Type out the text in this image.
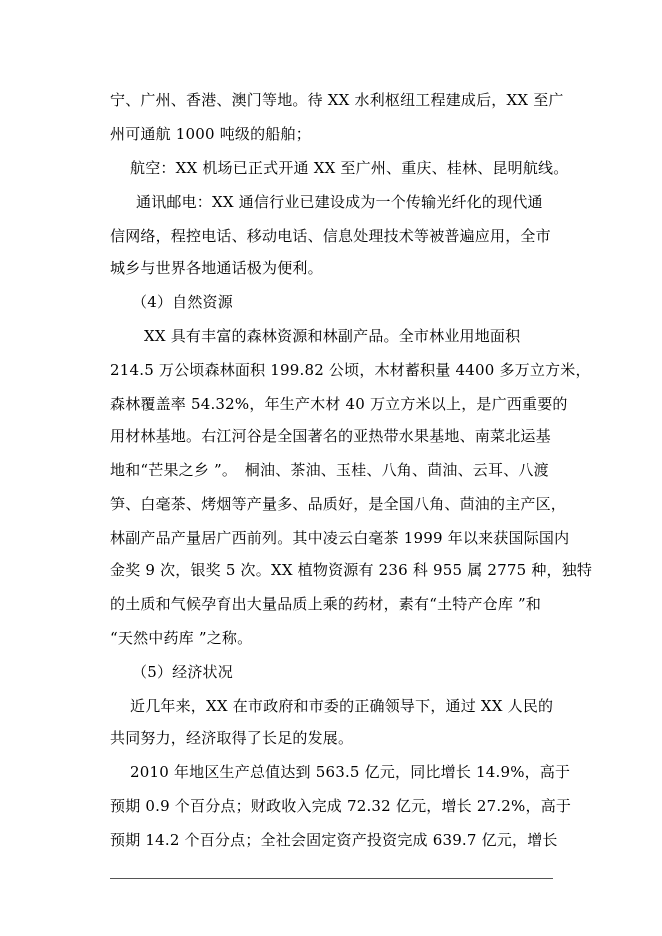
宁、广州、香港、澳门等地。待 XX 水利枢纽工程建成后，XX 至广
州可通航 1000 吨级的船舶；
航空：XX 机场已正式开通 XX 至广州、重庆、桂林、昆明航线。
通讯邮电：XX 通信行业已建设成为一个传输光纤化的现代通
信网络，程控电话、移动电话、信息处理技术等被普遍应用，全市
城乡与世界各地通话极为便利。
（4）自然资源
XX 具有丰富的森林资源和林副产品。全市林业用地面积
214.5 万公顷森林面积 199.82 公顷，木材蓄积量 4400 多万立方米，
森林覆盖率 54.32%，年生产木材 40 万立方米以上，是广西重要的
用材林基地。右江河谷是全国著名的亚热带水果基地、南菜北运基
地和“芒果之乡 ”。　桐油、茶油、玉桂、八角、茴油、云耳、八渡
笋、白毫茶、烤烟等产量多、品质好，是全国八角、茴油的主产区，
林副产品产量居广西前列。其中凌云白毫茶 1999 年以来获国际国内
金奖 9 次，银奖 5 次。XX 植物资源有 236 科 955 属 2775 种，独特
的土质和气候孕育出大量品质上乘的药材，素有“土特产仓库 ”和
“天然中药库 ”之称。
（5）经济状况
近几年来，XX 在市政府和市委的正确领导下，通过 XX 人民的
共同努力，经济取得了长足的发展。
2010 年地区生产总值达到 563.5 亿元，同比增长 14.9%，高于
预期 0.9 个百分点；财政收入完成 72.32 亿元，增长 27.2%，高于
预期 14.2 个百分点；全社会固定资产投资完成 639.7 亿元，增长
